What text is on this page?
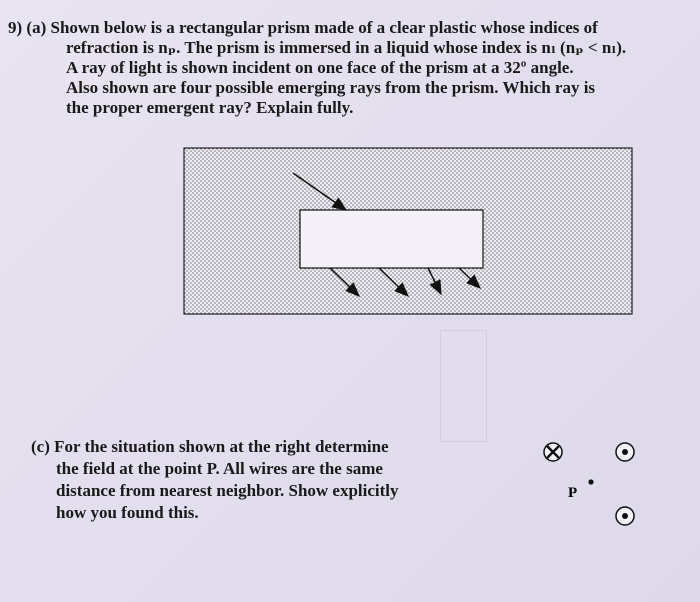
9) (a) Shown below is a rectangular prism made of a clear plastic whose indices of
refraction is nₚ. The prism is immersed in a liquid whose index is nₗ (nₚ < nₗ).
A ray of light is shown incident on one face of the prism at a 32º angle.
Also shown are four possible emerging rays from the prism. Which ray is
the proper emergent ray? Explain fully.
P
(c) For the situation shown at the right determine
the field at the point P. All wires are the same
distance from nearest neighbor. Show explicitly
how you found this.
